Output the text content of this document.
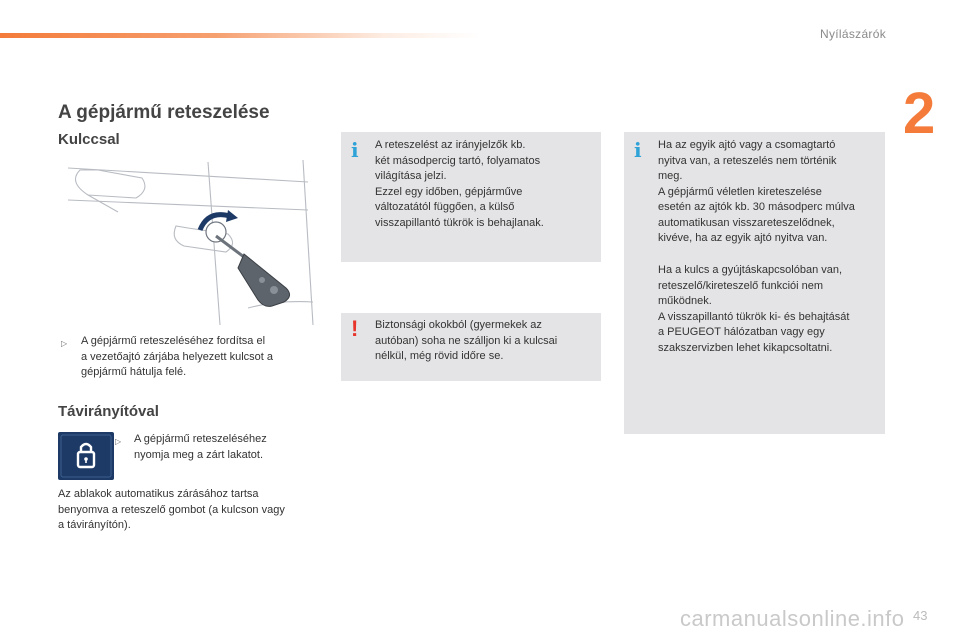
Nyílászárók
2
A gépjármű reteszelése
Kulccsal
▷ A gépjármű reteszeléséhez fordítsa el
a vezetőajtó zárjába helyezett kulcsot a
gépjármű hátulja felé.
Távirányítóval
▷ A gépjármű reteszeléséhez
nyomja meg a zárt lakatot.
Az ablakok automatikus zárásához tartsa
benyomva a reteszelő gombot (a kulcson vagy
a távirányítón).
i A reteszelést az irányjelzők kb.
két másodpercig tartó, folyamatos
világítása jelzi.
Ezzel egy időben, gépjárműve
változatától függően, a külső
visszapillantó tükrök is behajlanak.
! Biztonsági okokból (gyermekek az
autóban) soha ne szálljon ki a kulcsai
nélkül, még rövid időre se.
i Ha az egyik ajtó vagy a csomagtartó
nyitva van, a reteszelés nem történik
meg.
A gépjármű véletlen kireteszelése
esetén az ajtók kb. 30 másodperc múlva
automatikusan visszareteszelődnek,
kivéve, ha az egyik ajtó nyitva van.
Ha a kulcs a gyújtáskapcsolóban van,
reteszelő/kireteszelő funkciói nem
működnek.
A visszapillantó tükrök ki- és behajtását
a PEUGEOT hálózatban vagy egy
szakszervizben lehet kikapcsoltatni.
carmanualsonline.info 43
